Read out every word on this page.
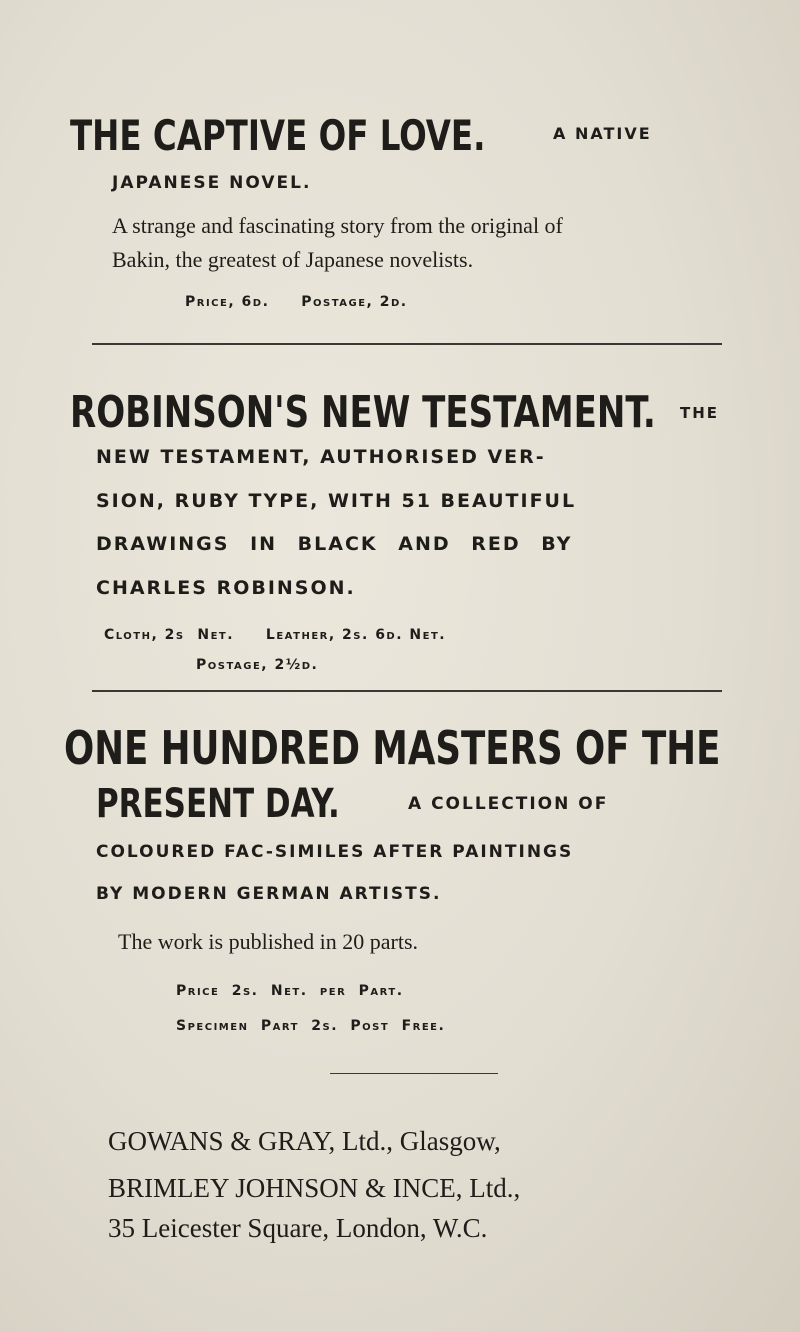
THE CAPTIVE OF LOVE.	A NATIVE
JAPANESE NOVEL.
A strange and fascinating story from the original of
Bakin, the greatest of Japanese novelists.
Price, 6d.     Postage, 2d.
ROBINSON'S NEW TESTAMENT.	THE
NEW TESTAMENT, AUTHORISED VER-
SION, RUBY TYPE, WITH 51 BEAUTIFUL
DRAWINGS IN BLACK AND RED BY
CHARLES ROBINSON.
Cloth, 2s  Net.     Leather, 2s. 6d. Net.
Postage, 2½d.
ONE HUNDRED MASTERS OF THE
PRESENT DAY.	A COLLECTION OF
COLOURED FAC-SIMILES AFTER PAINTINGS
BY MODERN GERMAN ARTISTS.
The work is published in 20 parts.
Price 2s. Net. per Part.
Specimen Part 2s. Post Free.
GOWANS & GRAY, Ltd., Glasgow,
BRIMLEY JOHNSON & INCE, Ltd.,
35 Leicester Square, London, W.C.
